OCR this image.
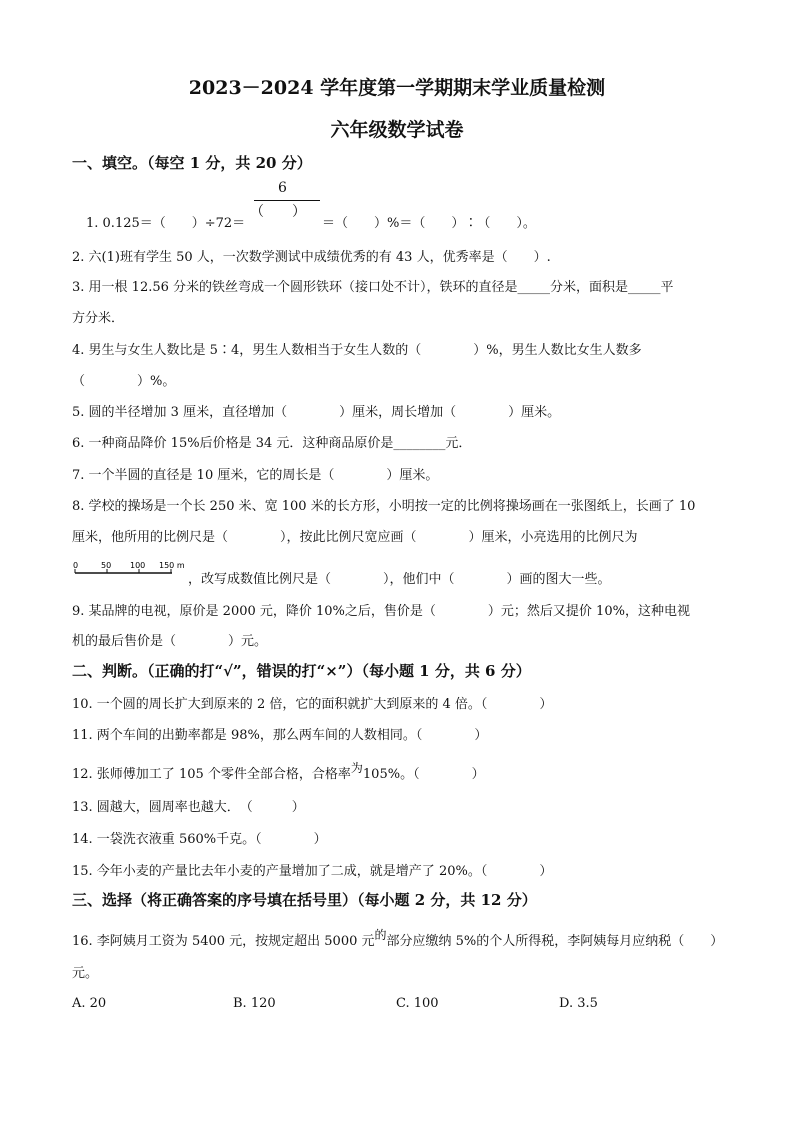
2023－2024 学年度第一学期期末学业质量检测
六年级数学试卷
一、填空。（每空 1 分，共 20 分）
1. 0.125＝（　　）÷72＝
6
（　　）
＝（　　）%＝（　　）∶（　　）。
2. 六(1)班有学生 50 人，一次数学测试中成绩优秀的有 43 人，优秀率是（　　）.
3. 用一根 12.56 分米的铁丝弯成一个圆形铁环（接口处不计），铁环的直径是_____分米，面积是_____平
方分米．
4. 男生与女生人数比是 5∶4，男生人数相当于女生人数的（　　　　）%，男生人数比女生人数多
（　　　　）%。
5. 圆的半径增加 3 厘米，直径增加（　　　　）厘米，周长增加（　　　　）厘米。
6. 一种商品降价 15%后价格是 34 元．这种商品原价是________元．
7. 一个半圆的直径是 10 厘米，它的周长是（　　　　）厘米。
8. 学校的操场是一个长 250 米、宽 100 米的长方形，小明按一定的比例将操场画在一张图纸上，长画了 10
厘米，他所用的比例尺是（　　　　），按此比例尺宽应画（　　　　）厘米，小亮选用的比例尺为
0	50 100 150 m
，改写成数值比例尺是（　　　　），他们中（　　　　）画的图大一些。
9. 某品牌的电视，原价是 2000 元，降价 10%之后，售价是（　　　　）元；然后又提价 10%，这种电视
机的最后售价是（　　　　）元。
二、判断。（正确的打“√”，错误的打“×”）（每小题 1 分，共 6 分）
10. 一个圆的周长扩大到原来的 2 倍，它的面积就扩大到原来的 4 倍。（　　　　）
11. 两个车间的出勤率都是 98%，那么两车间的人数相同。（　　　　）
12. 张师傅加工了 105 个零件全部合格，合格率为105%。（　　　　）
13. 圆越大，圆周率也越大．　（　　　）
14. 一袋洗衣液重 560%千克。（　　　　）
15. 今年小麦的产量比去年小麦的产量增加了二成，就是增产了 20%。（　　　　）
三、选择（将正确答案的序号填在括号里）（每小题 2 分，共 12 分）
16. 李阿姨月工资为 5400 元，按规定超出 5000 元的部分应缴纳 5%的个人所得税，李阿姨每月应纳税（　　）
元。
A. 20	B. 120	C. 100	D. 3.5
